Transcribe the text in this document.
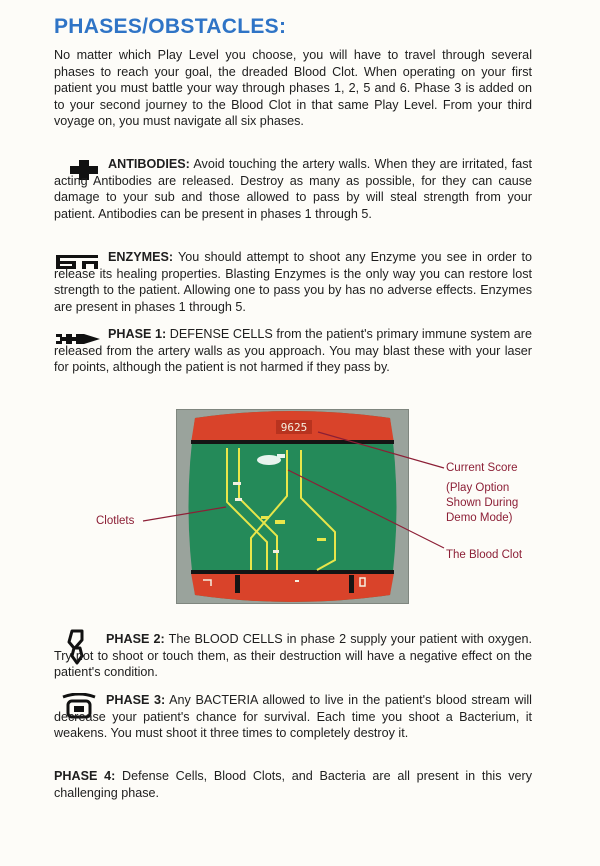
PHASES/OBSTACLES:

No matter which Play Level you choose, you will have to travel through several phases to reach your goal, the dreaded Blood Clot. When operating on your first patient you must battle your way through phases 1, 2, 5 and 6. Phase 3 is added on to your second journey to the Blood Clot in that same Play Level. From your third voyage on, you must navigate all six phases.

ANTIBODIES: Avoid touching the artery walls. When they are irritated, fast acting Antibodies are released. Destroy as many as possible, for they can cause damage to your sub and those allowed to pass by will steal strength from your patient. Antibodies can be present in phases 1 through 5.

ENZYMES: You should attempt to shoot any Enzyme you see in order to release its healing properties. Blasting Enzymes is the only way you can restore lost strength to the patient. Allowing one to pass you by has no adverse effects. Enzymes are present in phases 1 through 5.

PHASE 1: DEFENSE CELLS from the patient's primary immune system are released from the artery walls as you approach. You may blast these with your laser for points, although the patient is not harmed if they pass by.

9625
Current Score
(Play Option Shown During Demo Mode)
Clotlets
The Blood Clot

PHASE 2: The BLOOD CELLS in phase 2 supply your patient with oxygen. Try not to shoot or touch them, as their destruction will have a negative effect on the patient's condition.

PHASE 3: Any BACTERIA allowed to live in the patient's blood stream will decrease your patient's chance for survival. Each time you shoot a Bacterium, it weakens. You must shoot it three times to completely destroy it.

PHASE 4: Defense Cells, Blood Clots, and Bacteria are all present in this very challenging phase.
